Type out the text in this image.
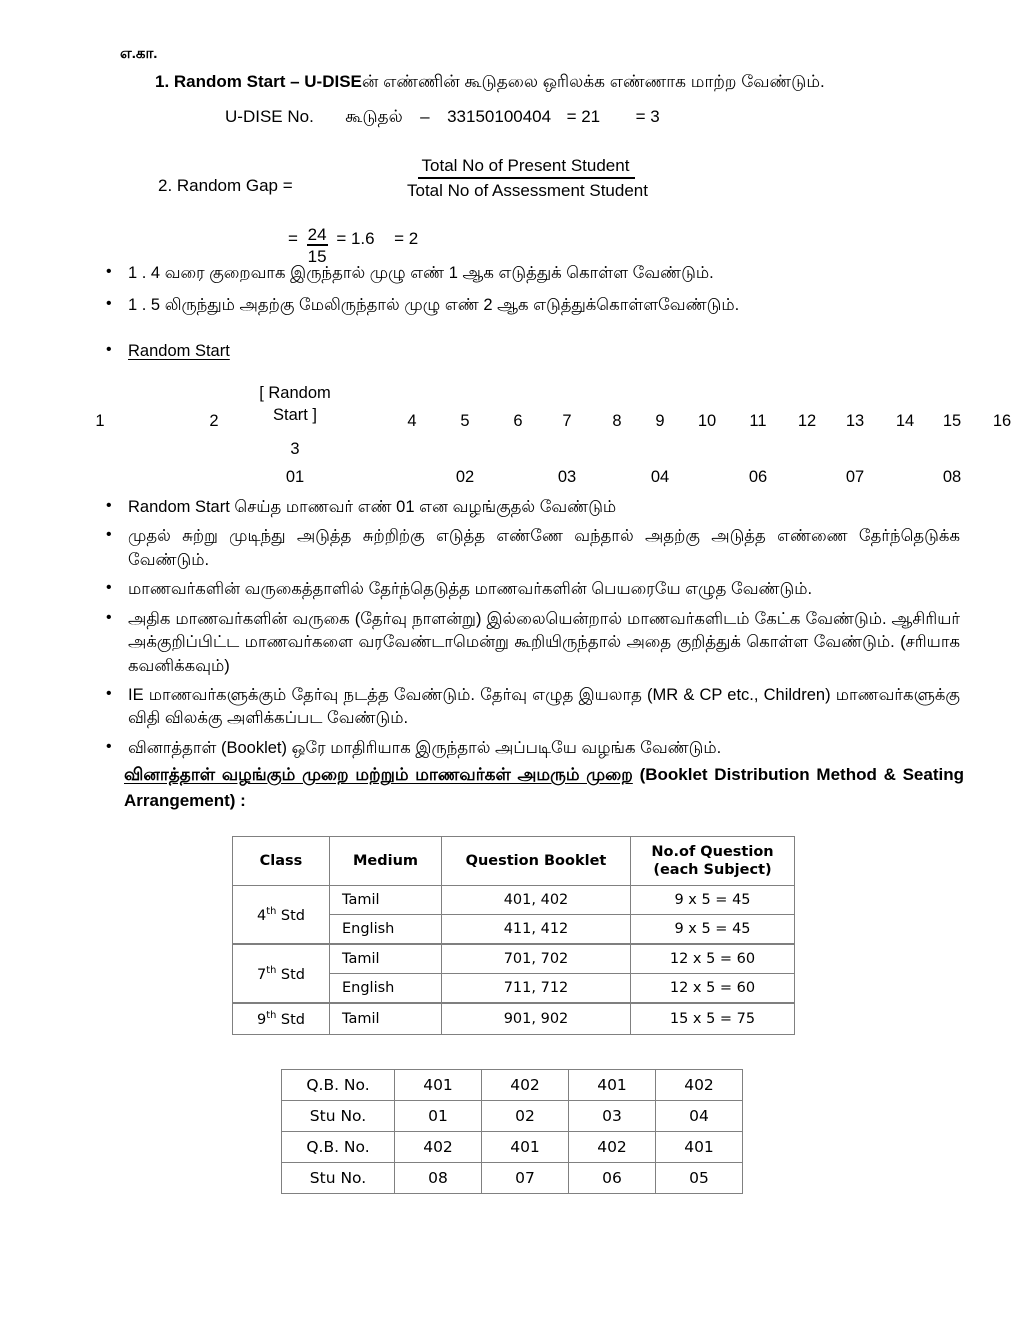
எ.கா.
1. Random Start – U-DISEன் எண்ணின் கூடுதலை ஒரிலக்க எண்ணாக மாற்ற வேண்டும்.
U-DISE No. கூடுதல் – 33150100404 = 21 = 3
2. Random Gap =
Total No of Present Student
Total No of Assessment Student
= $\frac{24}{15} = 1.6 = 2$
• 1 . 4 வரை குறைவாக இருந்தால் முழு எண் 1 ஆக எடுத்துக் கொள்ள வேண்டும்.
• 1 . 5 லிருந்தும் அதற்கு மேலிருந்தால் முழு எண் 2 ஆக எடுத்துக்கொள்ளவேண்டும்.
• Random Start
[ Random Start ]
1	2	4	5	6	7	8	9	10	11	12 13 14 15 16
3
01	02	03	04	06	07	08
• Random Start செய்த மாணவர் எண் 01 என வழங்குதல் வேண்டும்
• முதல் சுற்று முடிந்து அடுத்த சுற்றிற்கு எடுத்த எண்ணே வந்தால் அதற்கு அடுத்த எண்ணை தேர்ந்தெடுக்க வேண்டும்.
• மாணவர்களின் வருகைத்தாளில் தேர்ந்தெடுத்த மாணவர்களின் பெயரையே எழுத வேண்டும்.
• அதிக மாணவர்களின் வருகை (தேர்வு நாளன்று) இல்லையென்றால் மாணவர்களிடம் கேட்க வேண்டும். ஆசிரியர் அக்குறிப்பிட்ட மாணவர்களை வரவேண்டாமென்று கூறியிருந்தால் அதை குறித்துக் கொள்ள வேண்டும். (சரியாக கவனிக்கவும்)
• IE மாணவர்களுக்கும் தேர்வு நடத்த வேண்டும். தேர்வு எழுத இயலாத (MR & CP etc., Children) மாணவர்களுக்கு விதி விலக்கு அளிக்கப்பட வேண்டும்.
• வினாத்தாள் (Booklet) ஒரே மாதிரியாக இருந்தால் அப்படியே வழங்க வேண்டும்.
வினாத்தாள் வழங்கும் முறை மற்றும் மாணவர்கள் அமரும் முறை (Booklet Distribution Method & Seating Arrangement) :
Class	Medium	Question Booklet	No.of Question
(each Subject)
4th Std	Tamil	401, 402	9 x 5 = 45
	English	411, 412	9 x 5 = 45
7th Std	Tamil	701, 702	12 x 5 = 60
	English	711, 712	12 x 5 = 60
9th Std	Tamil	901, 902	15 x 5 = 75
Q.B. No.	401	402	401	402
Stu No.	01	02	03	04
Q.B. No.	402	401	402	401
Stu No.	08	07	06	05
